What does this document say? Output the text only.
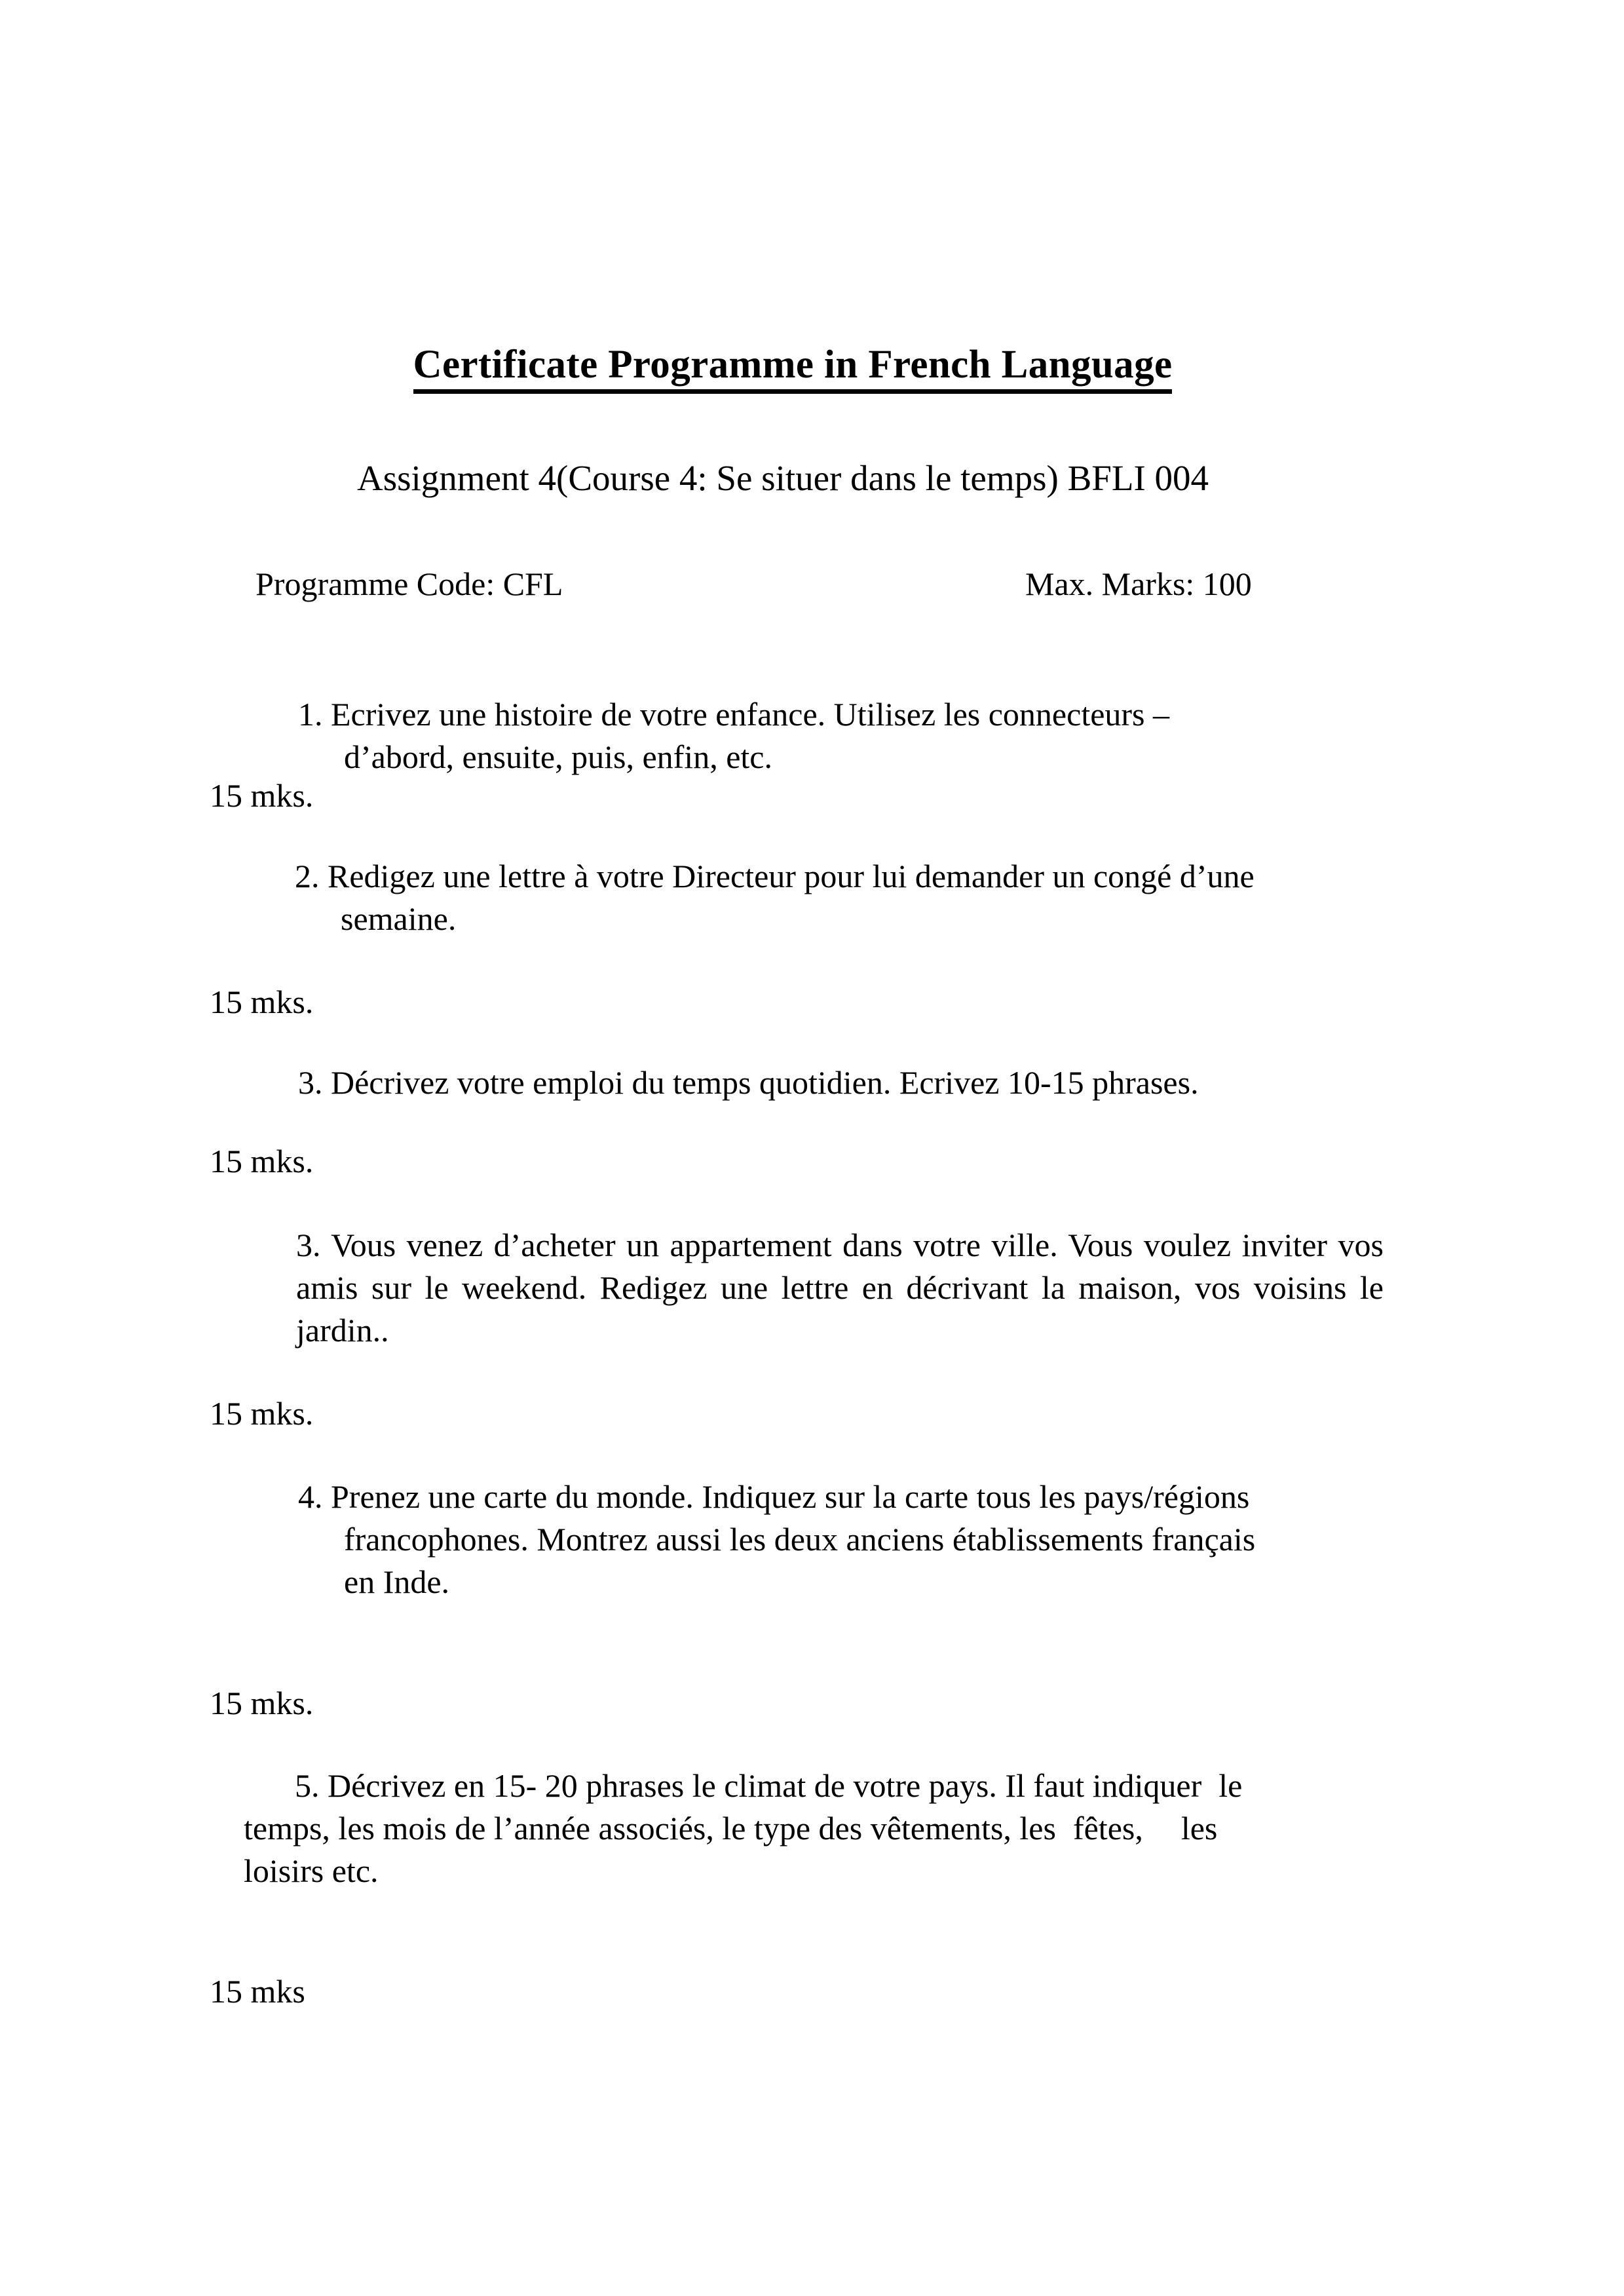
Certificate Programme in French Language
Assignment 4(Course 4: Se situer dans le temps) BFLI 004
Programme Code: CFL	Max. Marks: 100
1. Ecrivez une histoire de votre enfance. Utilisez les connecteurs –
d’abord, ensuite, puis, enfin, etc.
15 mks.
2. Redigez une lettre à votre Directeur pour lui demander un congé d’une
semaine.
15 mks.
3. Décrivez votre emploi du temps quotidien. Ecrivez 10-15 phrases.
15 mks.
3. Vous venez d’acheter un appartement dans votre ville. Vous voulez inviter vos amis sur le weekend. Redigez une lettre en décrivant la maison, vos voisins le jardin..
15 mks.
4. Prenez une carte du monde. Indiquez sur la carte tous les pays/régions
francophones. Montrez aussi les deux anciens établissements français
en Inde.
15 mks.
5. Décrivez en 15- 20 phrases le climat de votre pays. Il faut indiquer le
temps, les mois de l’année associés, le type des vêtements, les fêtes, les
loisirs etc.
15 mks
